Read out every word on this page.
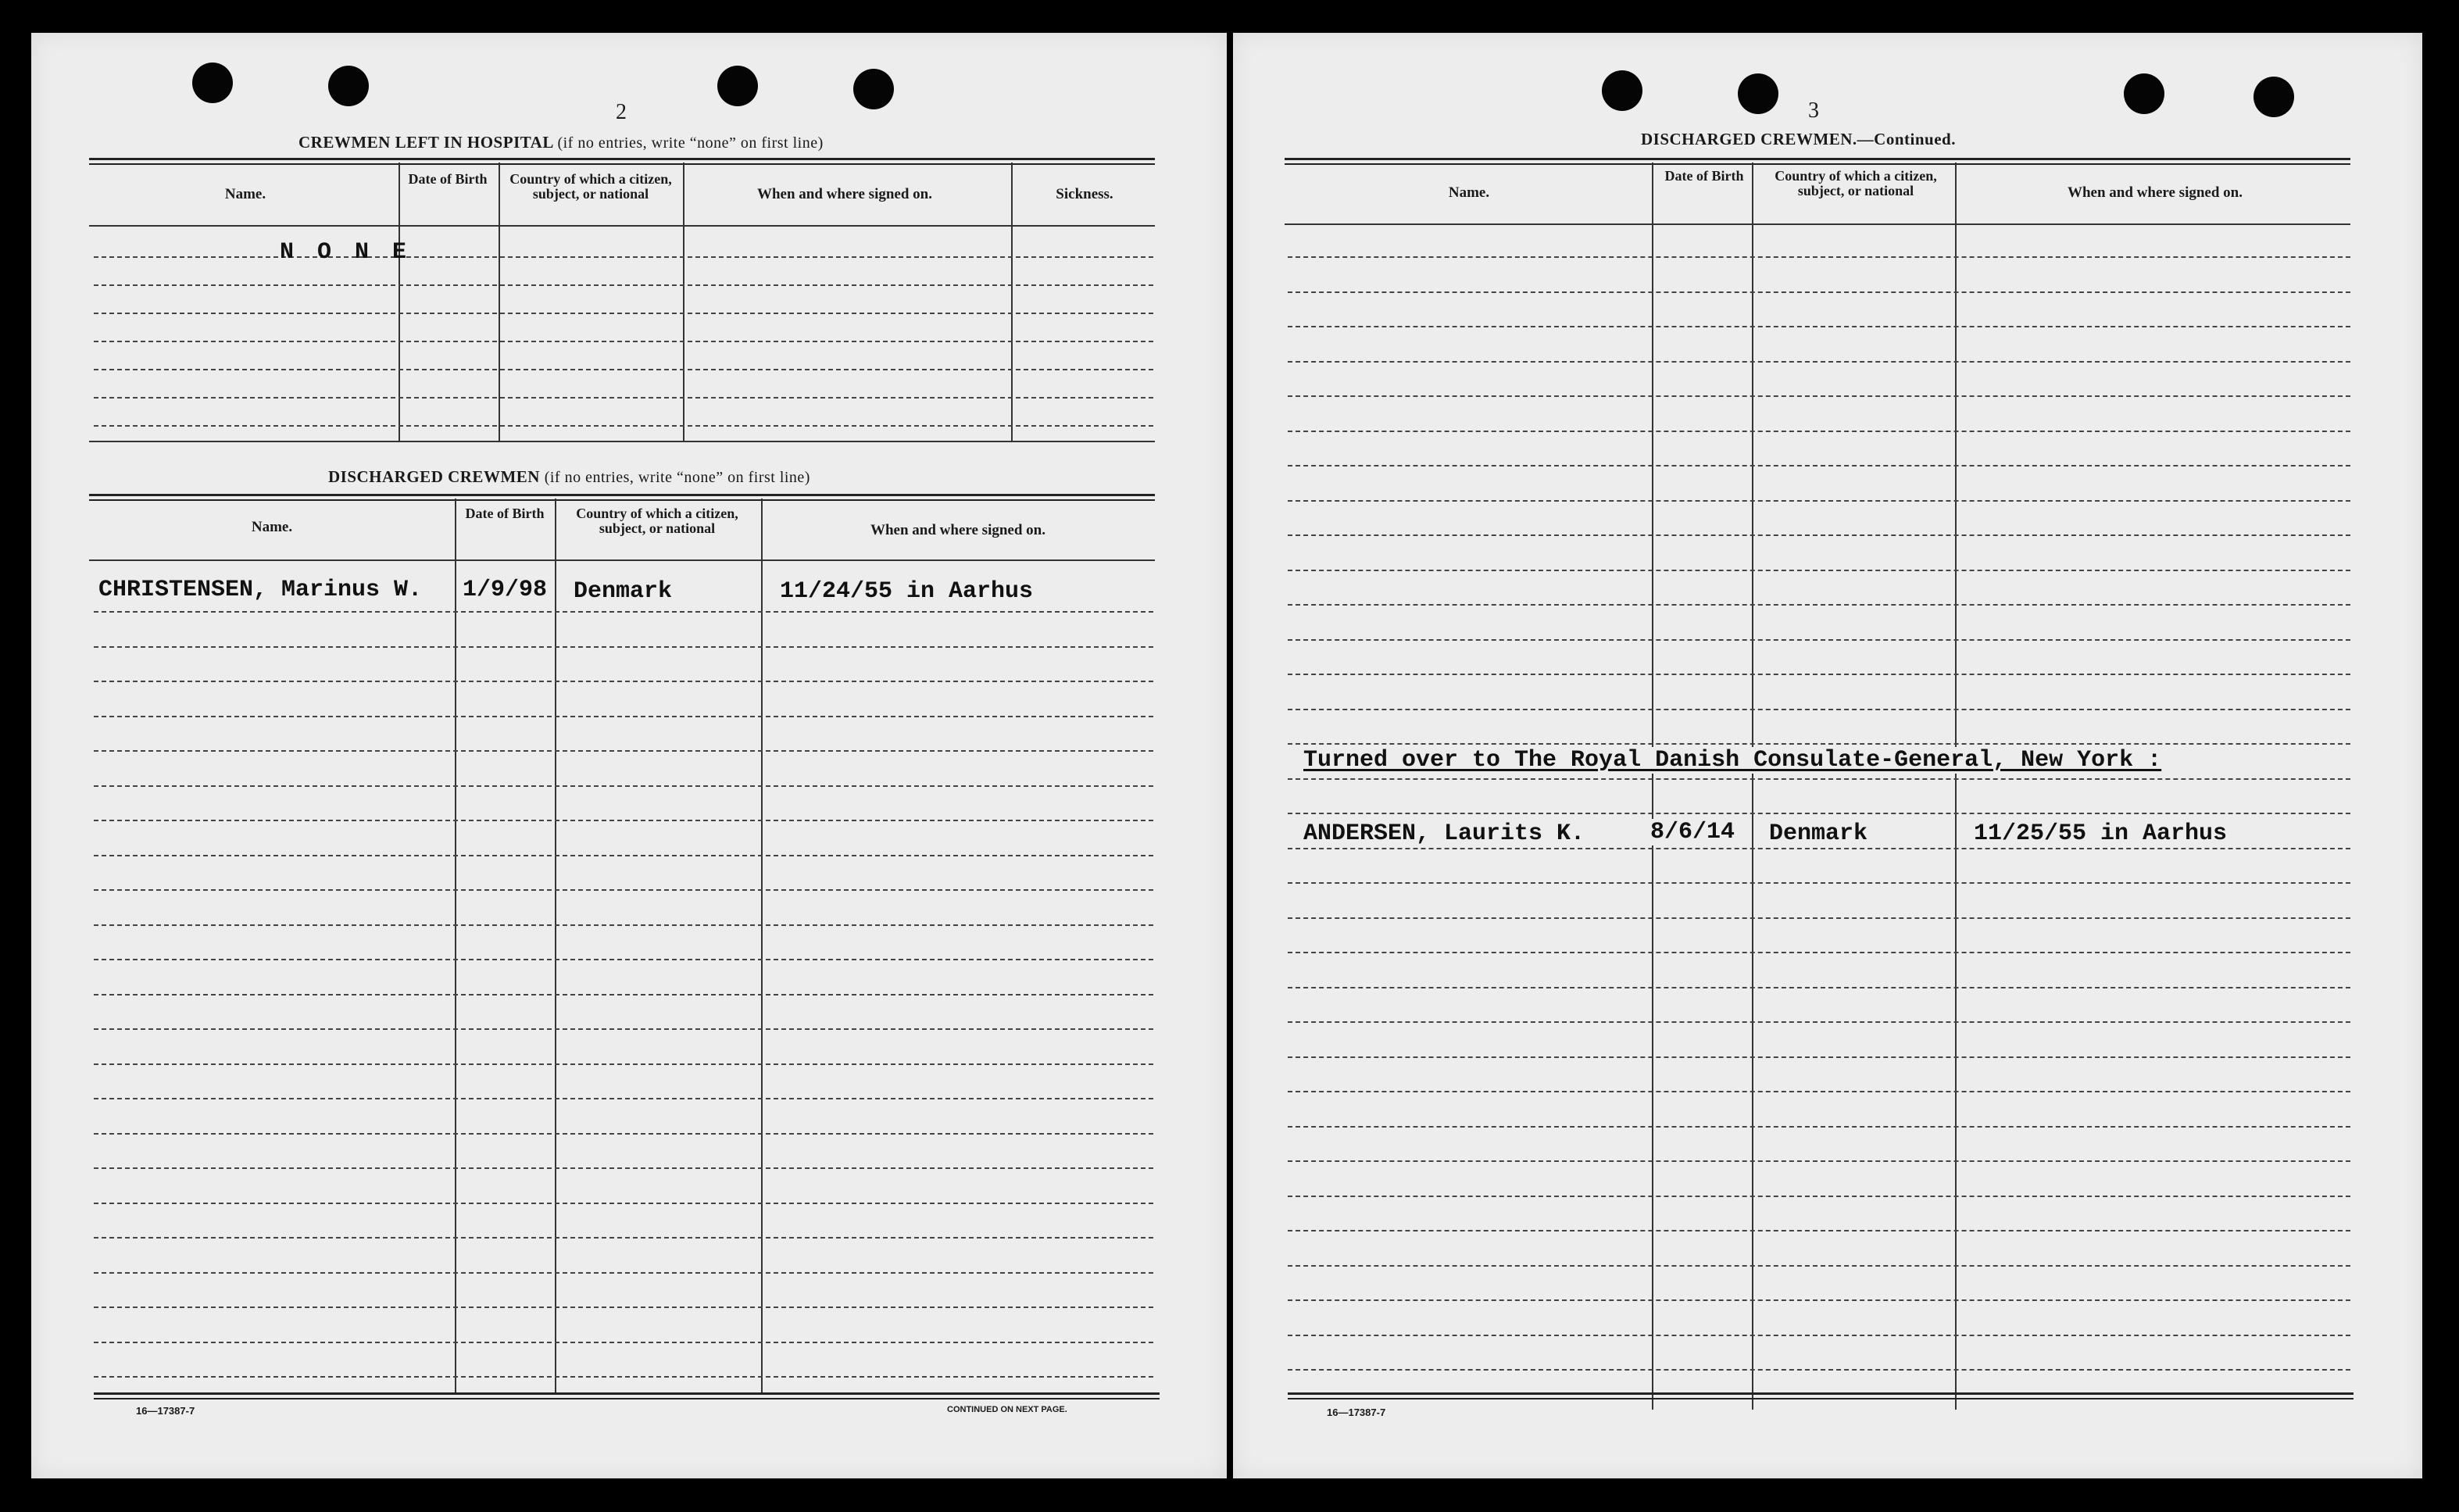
2
CREWMEN LEFT IN HOSPITAL (if no entries, write “none” on first line)
Name.
Date of Birth	Country of which a citizen, subject, or national	When and where signed on.	Sickness.
N O N E
DISCHARGED CREWMEN (if no entries, write “none” on first line)
Name.
Date of Birth	Country of which a citizen, subject, or national	When and where signed on.
CHRISTENSEN, Marinus W. 1/9/98 Denmark	11/24/55 in Aarhus
16—17387-7	CONTINUED ON NEXT PAGE.
3
DISCHARGED CREWMEN.—Continued.
Name.
Date of Birth	Country of which a citizen, subject, or national	When and where signed on.
Turned over to The Royal Danish Consulate-General, New York :
ANDERSEN, Laurits K.	8/6/14 Denmark	11/25/55 in Aarhus
16—17387-7
